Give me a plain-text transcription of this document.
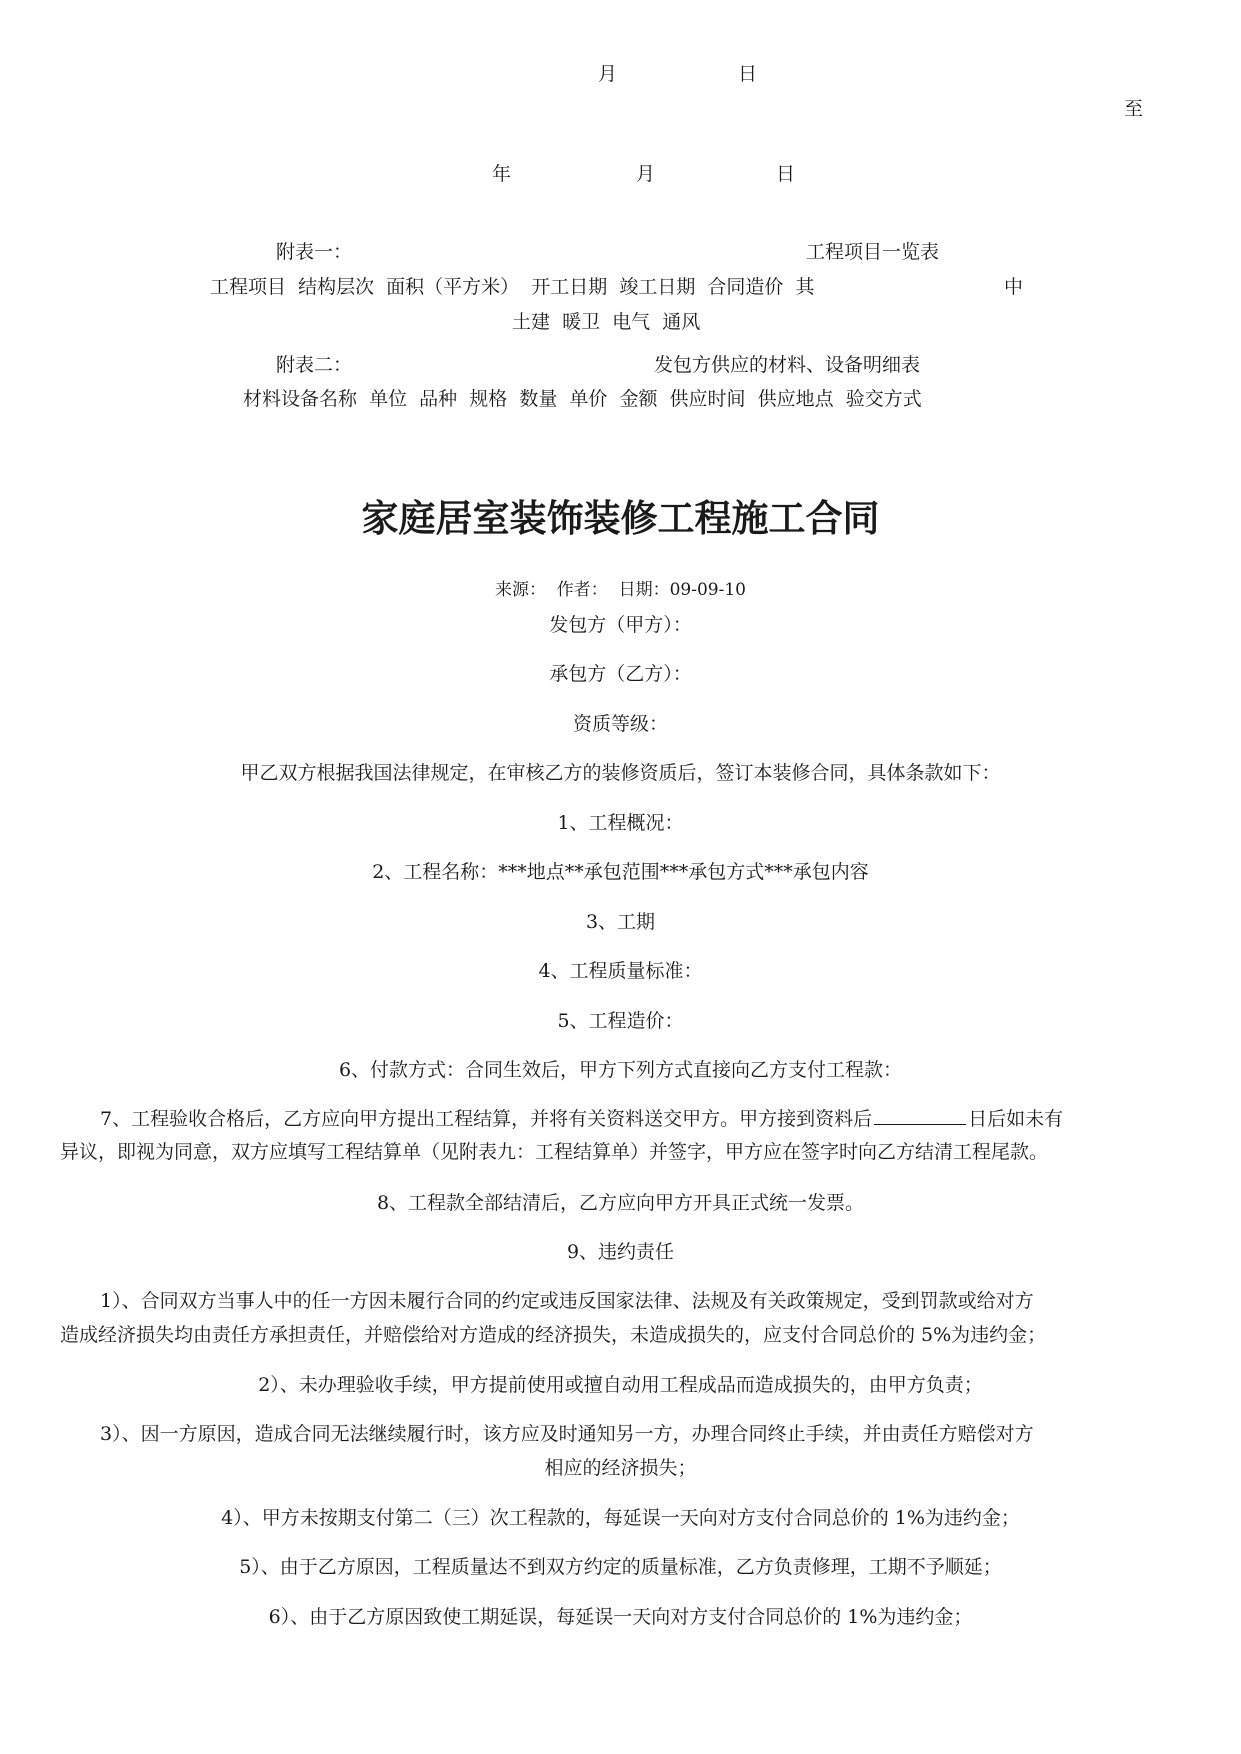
月	日
至
年	月	日
附表一：	工程项目一览表
工程项目  结构层次  面积（平方米）  开工日期  竣工日期  合同造价  其	中
土建  暖卫  电气  通风
附表二：	发包方供应的材料、设备明细表
材料设备名称  单位  品种  规格  数量  单价  金额  供应时间  供应地点  验交方式
家庭居室装饰装修工程施工合同
来源：  作者：  日期：09-09-10
发包方（甲方）：
承包方（乙方）：
资质等级：
甲乙双方根据我国法律规定，在审核乙方的装修资质后，签订本装修合同，具体条款如下：
1、工程概况：
2、工程名称：***地点**承包范围***承包方式***承包内容
3、工期
4、工程质量标准：
5、工程造价：
6、付款方式：合同生效后，甲方下列方式直接向乙方支付工程款：
7、工程验收合格后，乙方应向甲方提出工程结算，并将有关资料送交甲方。甲方接到资料后	日后如未有
异议，即视为同意，双方应填写工程结算单（见附表九：工程结算单）并签字，甲方应在签字时向乙方结清工程尾款。
8、工程款全部结清后，乙方应向甲方开具正式统一发票。
9、违约责任
1）、合同双方当事人中的任一方因未履行合同的约定或违反国家法律、法规及有关政策规定，受到罚款或给对方
造成经济损失均由责任方承担责任，并赔偿给对方造成的经济损失，未造成损失的，应支付合同总价的 5%为违约金；
2）、未办理验收手续，甲方提前使用或擅自动用工程成品而造成损失的，由甲方负责；
3）、因一方原因，造成合同无法继续履行时，该方应及时通知另一方，办理合同终止手续，并由责任方赔偿对方
相应的经济损失；
4）、甲方未按期支付第二（三）次工程款的，每延误一天向对方支付合同总价的 1%为违约金；
5）、由于乙方原因，工程质量达不到双方约定的质量标准，乙方负责修理，工期不予顺延；
6）、由于乙方原因致使工期延误，每延误一天向对方支付合同总价的 1%为违约金；
